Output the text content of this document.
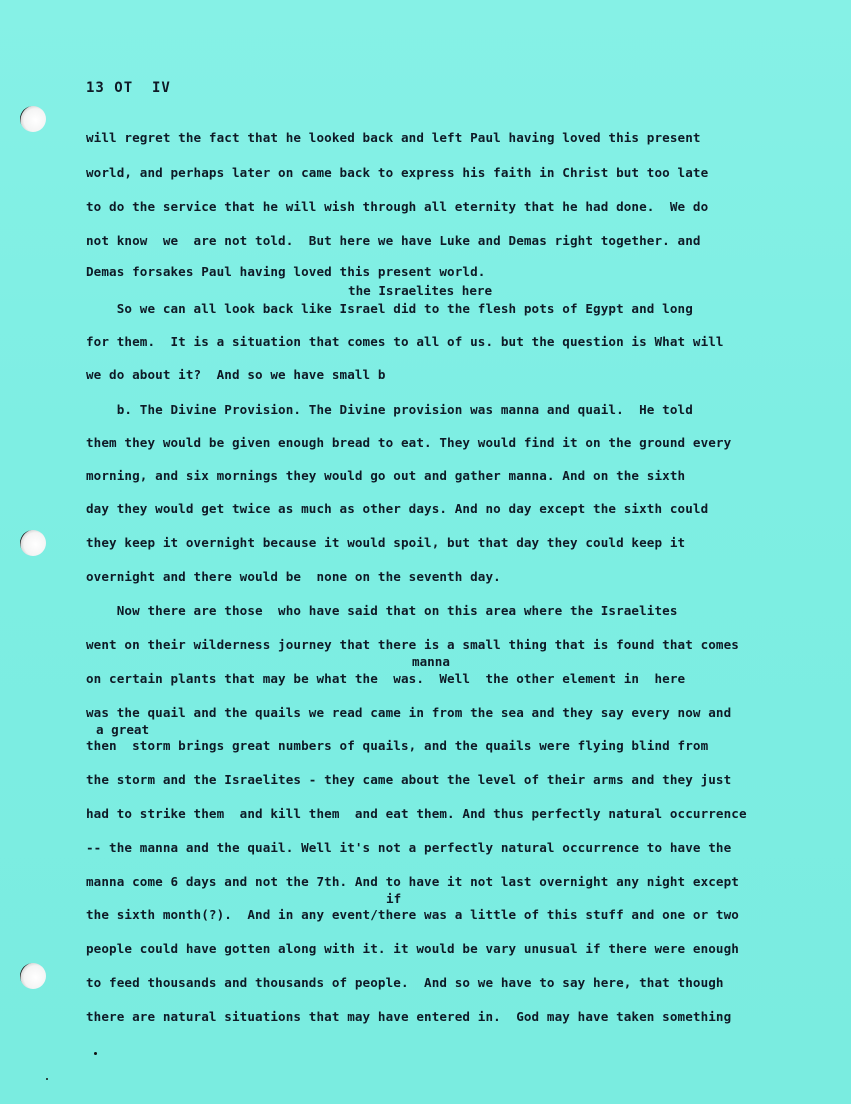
13 OT  IV
will regret the fact that he looked back and left Paul having loved this present
world, and perhaps later on came back to express his faith in Christ but too late
to do the service that he will wish through all eternity that he had done.  We do
not know  we  are not told.  But here we have Luke and Demas right together. and
Demas forsakes Paul having loved this present world.
the Israelites here
So we can all look back like Israel did to the flesh pots of Egypt and long
for them.  It is a situation that comes to all of us. but the question is What will
we do about it?  And so we have small b
b. The Divine Provision. The Divine provision was manna and quail.  He told
them they would be given enough bread to eat. They would find it on the ground every
morning, and six mornings they would go out and gather manna. And on the sixth
day they would get twice as much as other days. And no day except the sixth could
they keep it overnight because it would spoil, but that day they could keep it
overnight and there would be  none on the seventh day.
Now there are those  who have said that on this area where the Israelites
went on their wilderness journey that there is a small thing that is found that comes
manna
on certain plants that may be what the  was.  Well  the other element in  here
was the quail and the quails we read came in from the sea and they say every now and
a great
then  storm brings great numbers of quails, and the quails were flying blind from
the storm and the Israelites - they came about the level of their arms and they just
had to strike them  and kill them  and eat them. And thus perfectly natural occurrence
-- the manna and the quail. Well it's not a perfectly natural occurrence to have the
manna come 6 days and not the 7th. And to have it not last overnight any night except
if
the sixth month(?).  And in any event/there was a little of this stuff and one or two
people could have gotten along with it. it would be vary unusual if there were enough
to feed thousands and thousands of people.  And so we have to say here, that though
there are natural situations that may have entered in.  God may have taken something
